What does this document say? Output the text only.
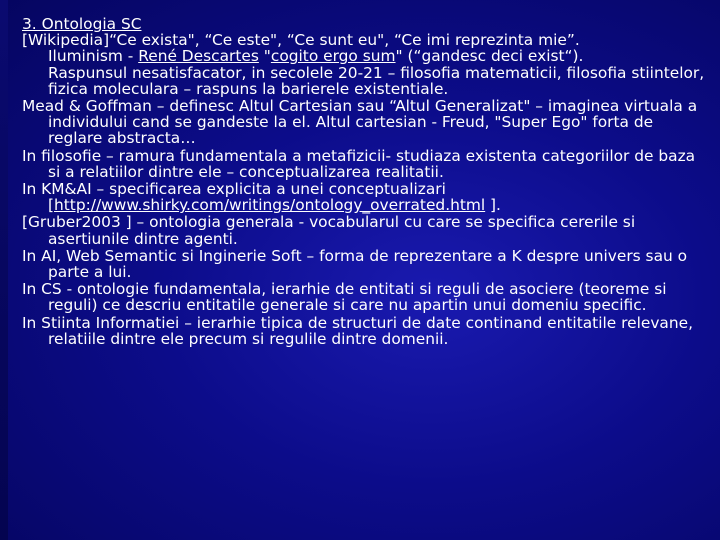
3. Ontologia SC
[Wikipedia]“Ce exista", “Ce este", “Ce sunt eu", “Ce imi reprezinta mie”.
Iluminism - René Descartes "cogito ergo sum" (“gandesc deci exist“).
Raspunsul nesatisfacator, in secolele 20-21 – filosofia matematicii, filosofia stiintelor, fizica moleculara – raspuns la barierele existentiale.
Mead & Goffman – definesc Altul Cartesian sau “Altul Generalizat" – imaginea virtuala a individului cand se gandeste la el. Altul cartesian - Freud, "Super Ego" forta de reglare abstracta…
In filosofie – ramura fundamentala a metafizicii- studiaza existenta categoriilor de baza si a relatiilor dintre ele – conceptualizarea realitatii.
In KM&AI – specificarea explicita a unei conceptualizari [http://www.shirky.com/writings/ontology_overrated.html ].
[Gruber2003 ] – ontologia generala - vocabularul cu care se specifica cererile si asertiunile dintre agenti.
In AI, Web Semantic si Inginerie Soft – forma de reprezentare a K despre univers sau o parte a lui.
In CS - ontologie fundamentala, ierarhie de entitati si reguli de asociere (teoreme si reguli) ce descriu entitatile generale si care nu apartin unui domeniu specific.
In Stiinta Informatiei – ierarhie tipica de structuri de date continand entitatile relevane, relatiile dintre ele precum si regulile dintre domenii.
